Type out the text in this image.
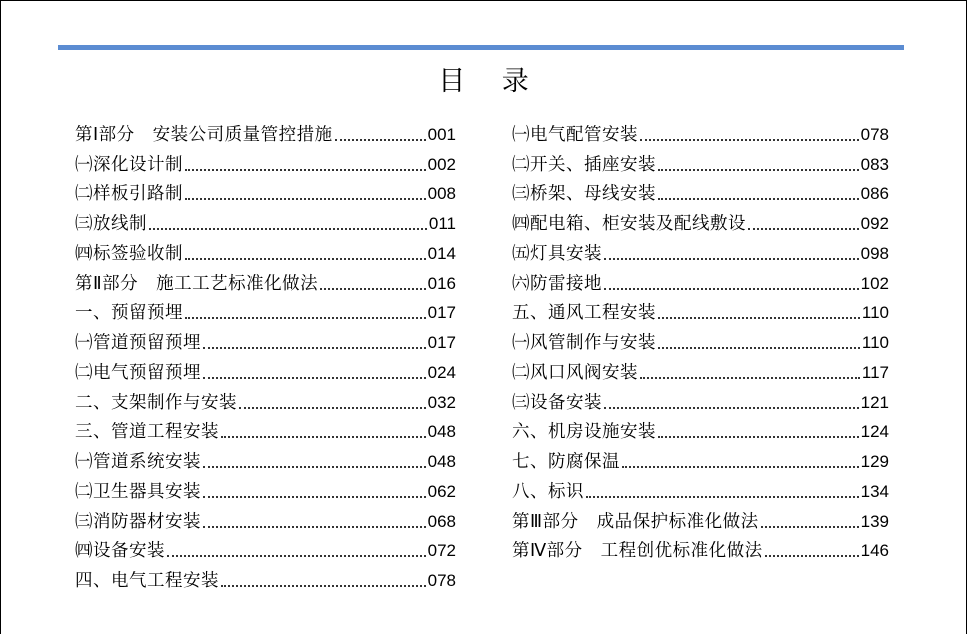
目 录
第Ⅰ部分　安装公司质量管控措施	001
㈠深化设计制	002
㈡样板引路制	008
㈢放线制	011
㈣标签验收制	014
第Ⅱ部分　施工工艺标准化做法	016
一、预留预埋	017
㈠管道预留预埋	017
㈡电气预留预埋	024
二、支架制作与安装	032
三、管道工程安装	048
㈠管道系统安装	048
㈡卫生器具安装	062
㈢消防器材安装	068
㈣设备安装	072
四、电气工程安装	078
㈠电气配管安装	078
㈡开关、插座安装	083
㈢桥架、母线安装	086
㈣配电箱、柜安装及配线敷设	092
㈤灯具安装	098
㈥防雷接地	102
五、通风工程安装	110
㈠风管制作与安装	110
㈡风口风阀安装	117
㈢设备安装	121
六、机房设施安装	124
七、防腐保温	129
八、标识	134
第Ⅲ部分　成品保护标准化做法	139
第Ⅳ部分　工程创优标准化做法	146
